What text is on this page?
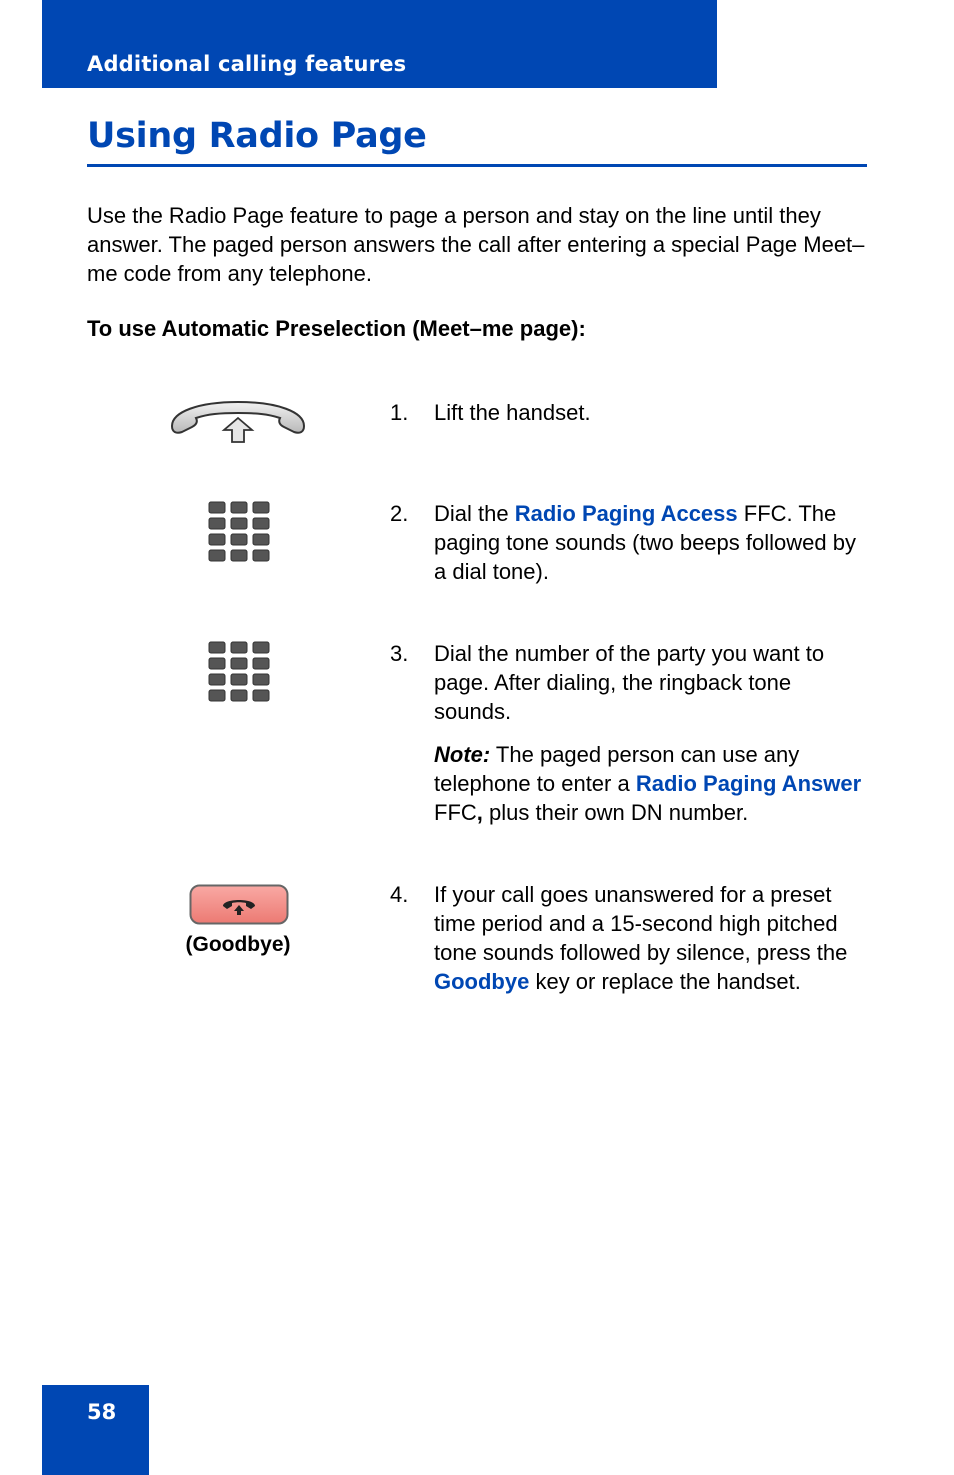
Additional calling features
Using Radio Page

Use the Radio Page feature to page a person and stay on the line until they answer. The paged person answers the call after entering a special Page Meet–me code from any telephone.

To use Automatic Preselection (Meet–me page):

1. Lift the handset.
2. Dial the Radio Paging Access FFC. The paging tone sounds (two beeps followed by a dial tone).
3. Dial the number of the party you want to page. After dialing, the ringback tone sounds.
Note: The paged person can use any telephone to enter a Radio Paging Answer FFC, plus their own DN number.
(Goodbye)
4. If your call goes unanswered for a preset time period and a 15-second high pitched tone sounds followed by silence, press the Goodbye key or replace the handset.
58
